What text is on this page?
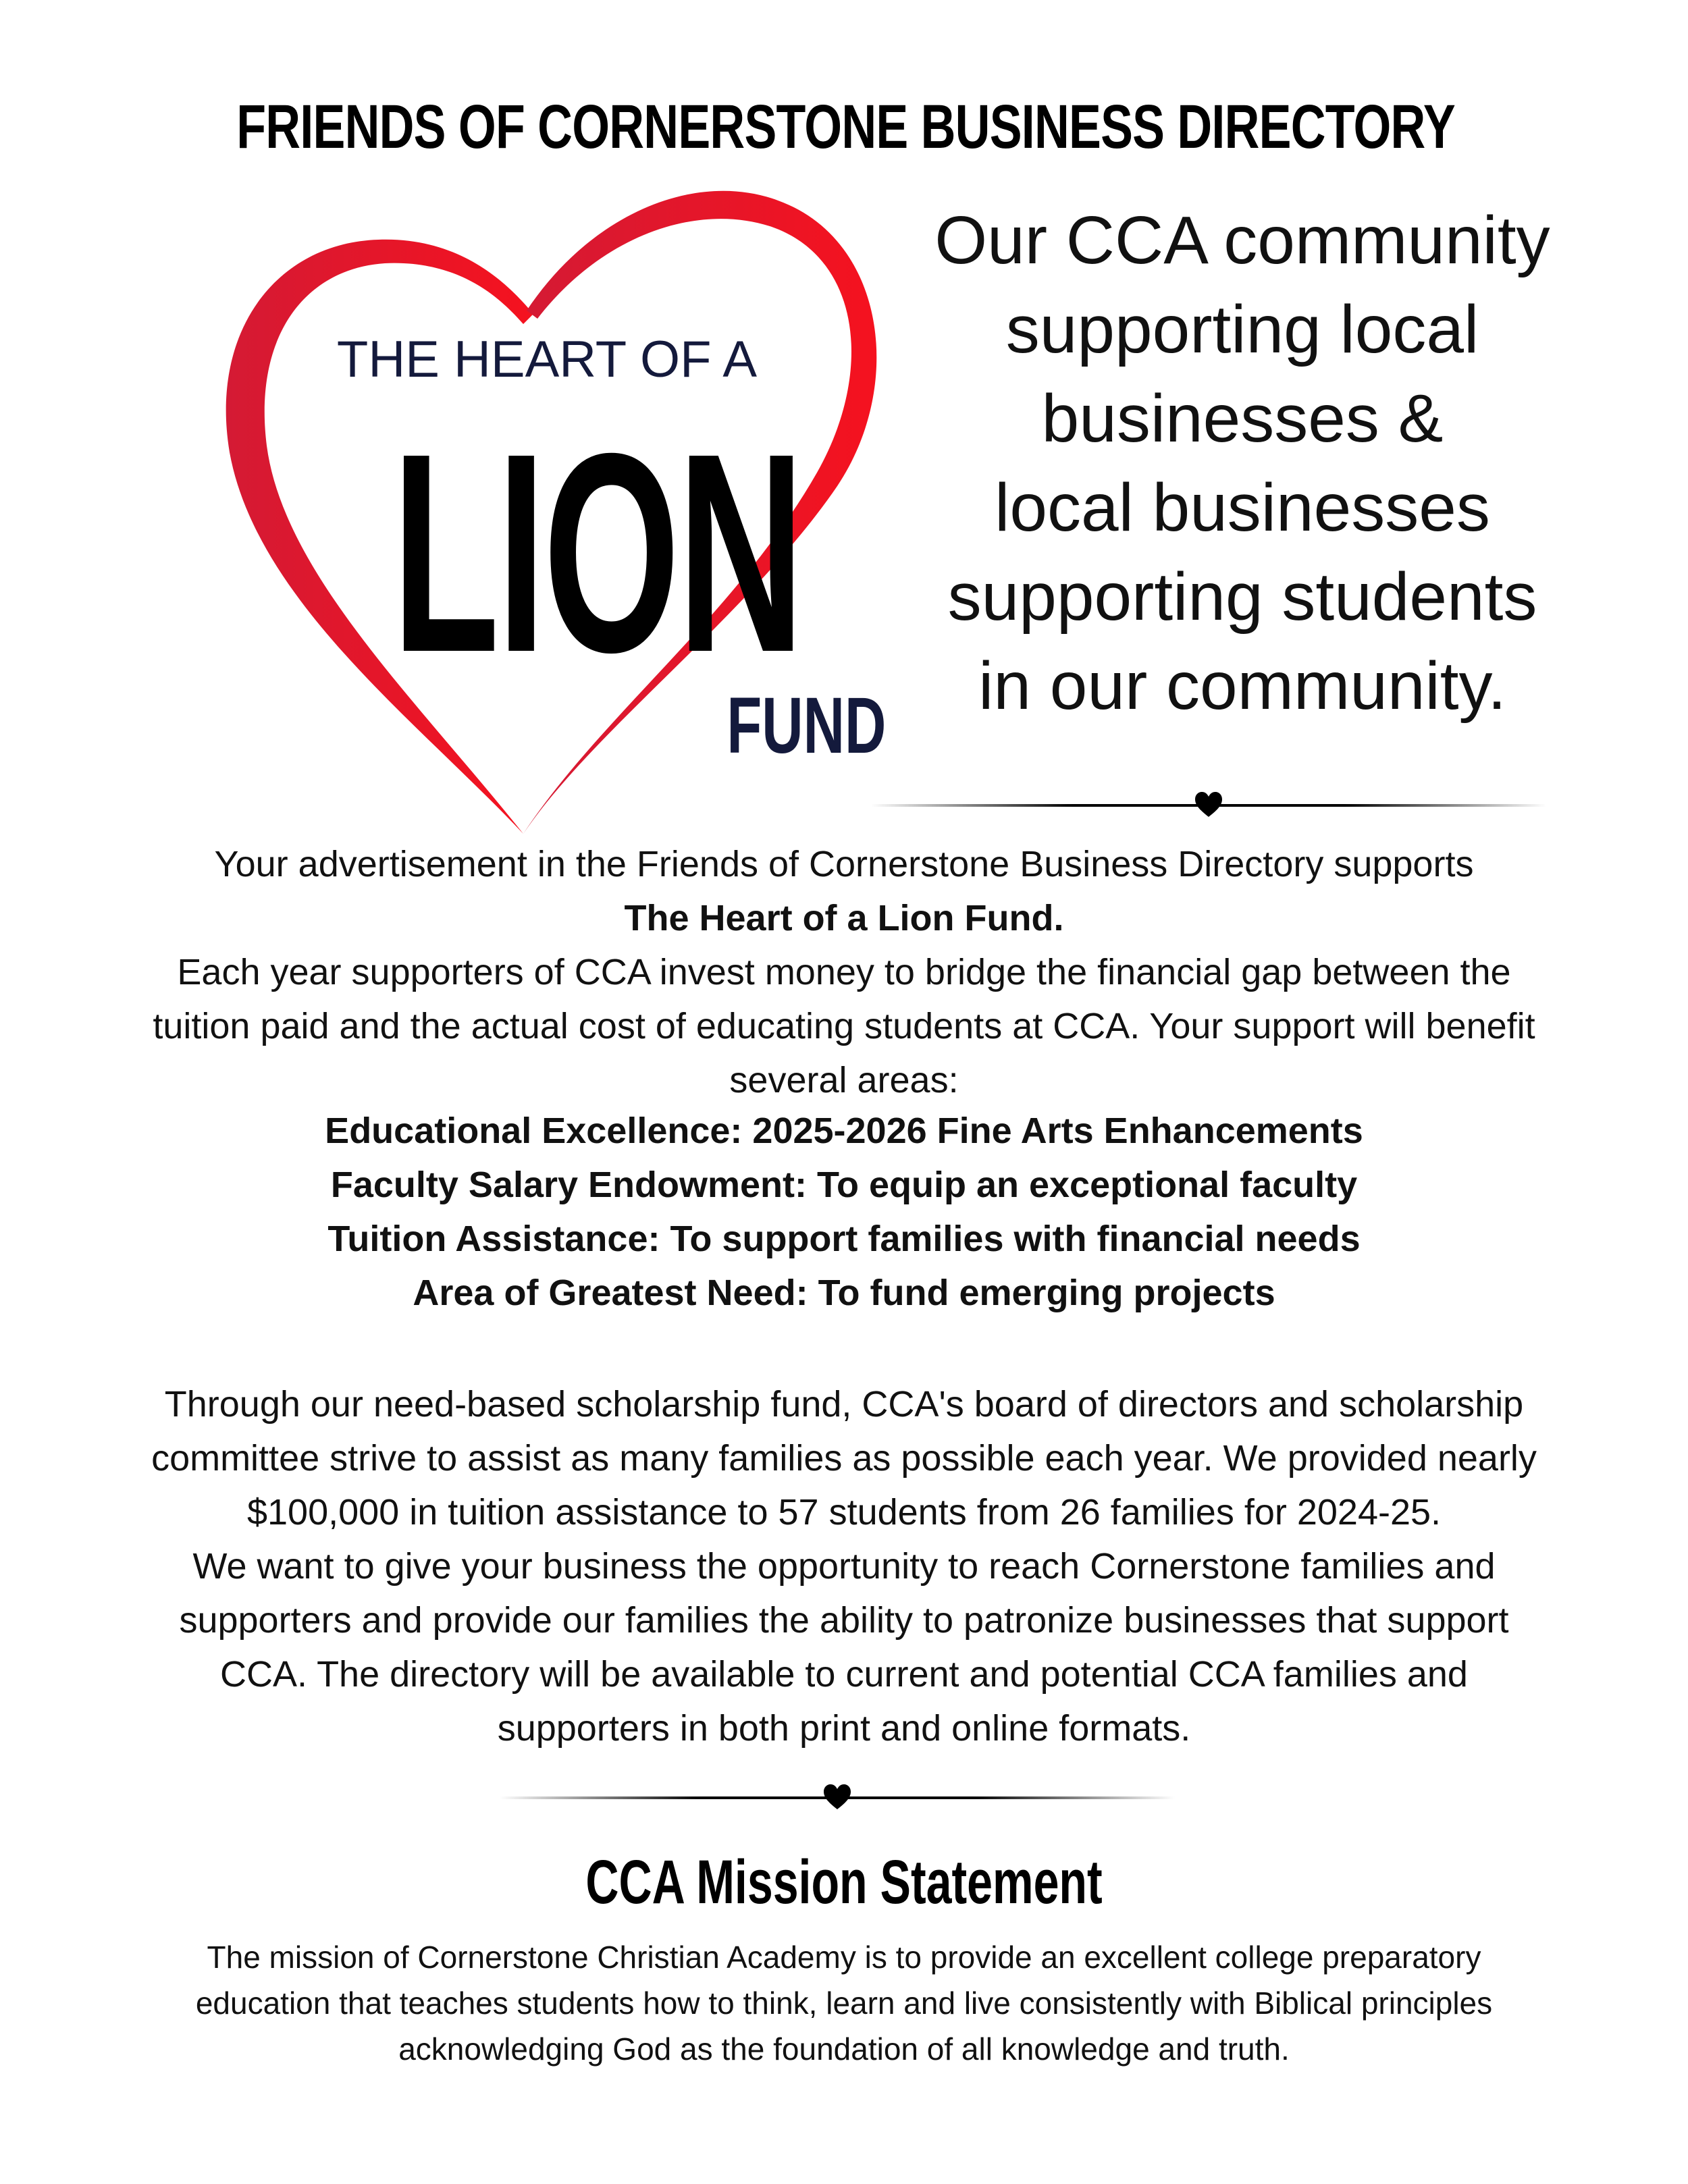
FRIENDS OF CORNERSTONE BUSINESS DIRECTORY
THE HEART OF A
LION
FUND
Our CCA community
supporting local
businesses &
local businesses
supporting students
in our community.
Your advertisement in the Friends of Cornerstone Business Directory supports
The Heart of a Lion Fund.
Each year supporters of CCA invest money to bridge the financial gap between the
tuition paid and the actual cost of educating students at CCA. Your support will benefit
several areas:
Educational Excellence: 2025-2026 Fine Arts Enhancements
Faculty Salary Endowment: To equip an exceptional faculty
Tuition Assistance: To support families with financial needs
Area of Greatest Need: To fund emerging projects
Through our need-based scholarship fund, CCA's board of directors and scholarship
committee strive to assist as many families as possible each year. We provided nearly
$100,000 in tuition assistance to 57 students from 26 families for 2024-25.
We want to give your business the opportunity to reach Cornerstone families and
supporters and provide our families the ability to patronize businesses that support
CCA. The directory will be available to current and potential CCA families and
supporters in both print and online formats.
CCA Mission Statement
The mission of Cornerstone Christian Academy is to provide an excellent college preparatory
education that teaches students how to think, learn and live consistently with Biblical principles
acknowledging God as the foundation of all knowledge and truth.
